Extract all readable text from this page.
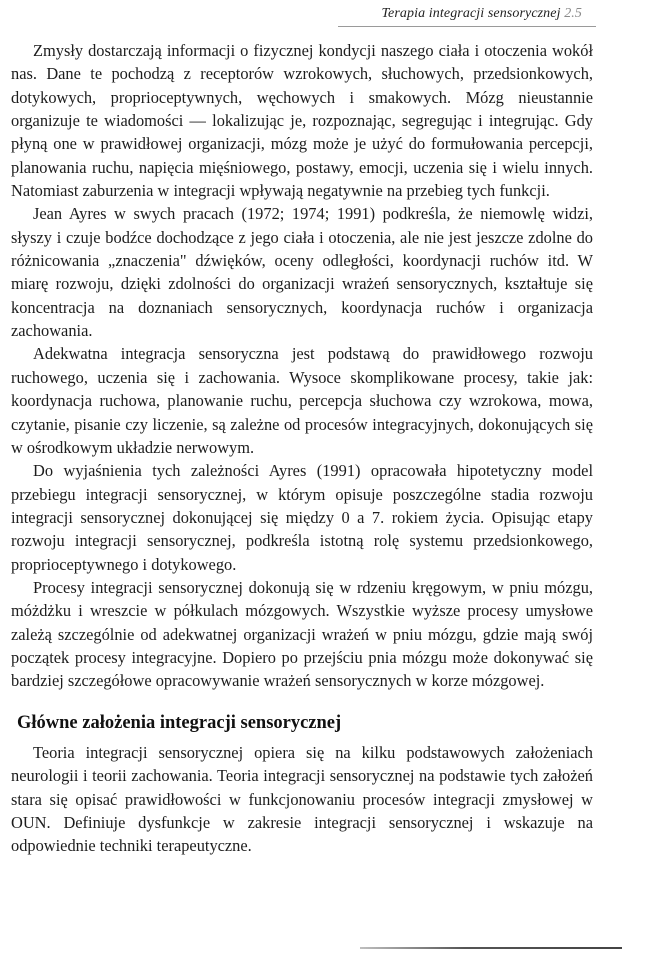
Terapia integracji sensorycznej 2.5

Zmysły dostarczają informacji o fizycznej kondycji naszego ciała i otoczenia wokół nas. Dane te pochodzą z receptorów wzrokowych, słuchowych, przedsionkowych, dotykowych, proprioceptywnych, węchowych i smakowych. Mózg nieustannie organizuje te wiadomości — lokalizując je, rozpoznając, segregując i integrując. Gdy płyną one w prawidłowej organizacji, mózg może je użyć do formułowania percepcji, planowania ruchu, napięcia mięśniowego, postawy, emocji, uczenia się i wielu innych. Natomiast zaburzenia w integracji wpływają negatywnie na przebieg tych funkcji.

Jean Ayres w swych pracach (1972; 1974; 1991) podkreśla, że niemowlę widzi, słyszy i czuje bodźce dochodzące z jego ciała i otoczenia, ale nie jest jeszcze zdolne do różnicowania „znaczenia" dźwięków, oceny odległości, koordynacji ruchów itd. W miarę rozwoju, dzięki zdolności do organizacji wrażeń sensorycznych, kształtuje się koncentracja na doznaniach sensorycznych, koordynacja ruchów i organizacja zachowania.

Adekwatna integracja sensoryczna jest podstawą do prawidłowego rozwoju ruchowego, uczenia się i zachowania. Wysoce skomplikowane procesy, takie jak: koordynacja ruchowa, planowanie ruchu, percepcja słuchowa czy wzrokowa, mowa, czytanie, pisanie czy liczenie, są zależne od procesów integracyjnych, dokonujących się w ośrodkowym układzie nerwowym.

Do wyjaśnienia tych zależności Ayres (1991) opracowała hipotetyczny model przebiegu integracji sensorycznej, w którym opisuje poszczególne stadia rozwoju integracji sensorycznej dokonującej się między 0 a 7. rokiem życia. Opisując etapy rozwoju integracji sensorycznej, podkreśla istotną rolę systemu przedsionkowego, proprioceptywnego i dotykowego.

Procesy integracji sensorycznej dokonują się w rdzeniu kręgowym, w pniu mózgu, móżdżku i wreszcie w półkulach mózgowych. Wszystkie wyższe procesy umysłowe zależą szczególnie od adekwatnej organizacji wrażeń w pniu mózgu, gdzie mają swój początek procesy integracyjne. Dopiero po przejściu pnia mózgu może dokonywać się bardziej szczegółowe opracowywanie wrażeń sensorycznych w korze mózgowej.

Główne założenia integracji sensorycznej

Teoria integracji sensorycznej opiera się na kilku podstawowych założeniach neurologii i teorii zachowania. Teoria integracji sensorycznej na podstawie tych założeń stara się opisać prawidłowości w funkcjonowaniu procesów integracji zmysłowej w OUN. Definiuje dysfunkcje w zakresie integracji sensorycznej i wskazuje na odpowiednie techniki terapeutyczne.
